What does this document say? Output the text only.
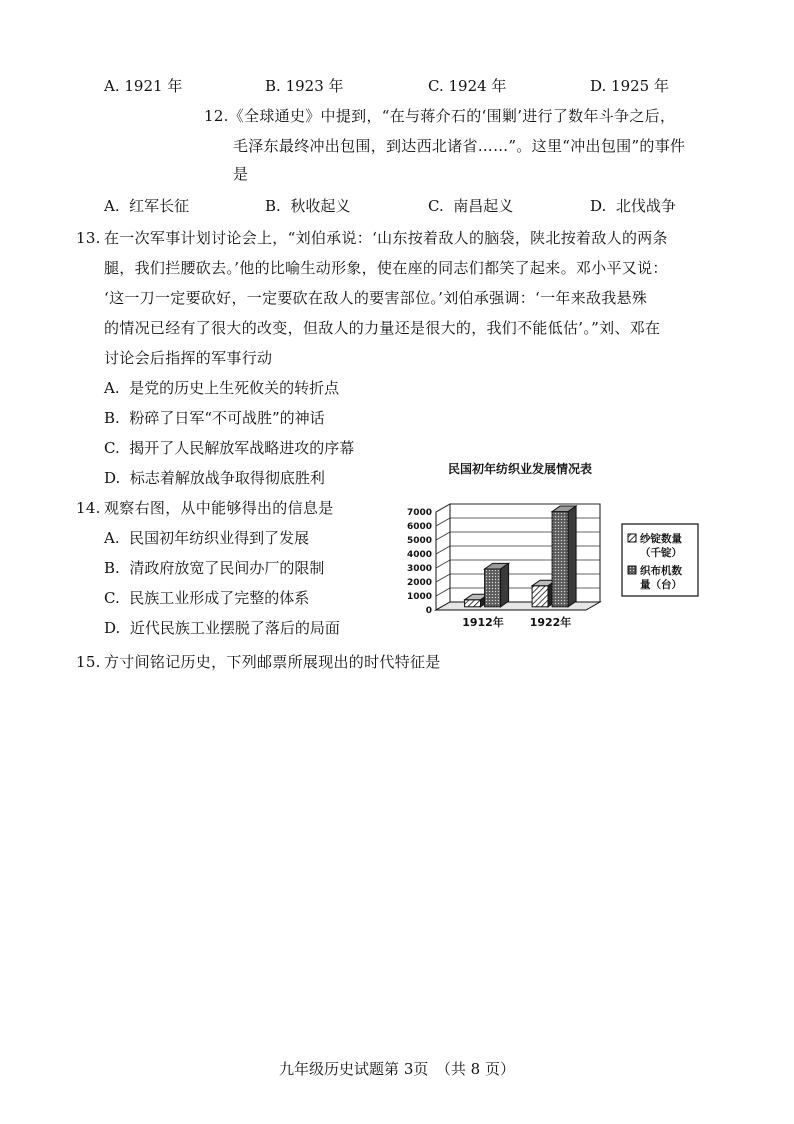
A. 1921 年	B. 1923 年	C. 1924 年	D. 1925 年
12.《全球通史》中提到，“在与蒋介石的‘围剿’进行了数年斗争之后，
毛泽东最终冲出包围，到达西北诸省……”。这里“冲出包围”的事件
是
A. 红军长征	B. 秋收起义	C. 南昌起义	D. 北伐战争
13. 在一次军事计划讨论会上，“刘伯承说：‘山东按着敌人的脑袋，陕北按着敌人的两条
腿，我们拦腰砍去。’他的比喻生动形象，使在座的同志们都笑了起来。邓小平又说：
‘这一刀一定要砍好，一定要砍在敌人的要害部位。’刘伯承强调：‘一年来敌我悬殊
的情况已经有了很大的改变，但敌人的力量还是很大的，我们不能低估’。”刘、邓在
讨论会后指挥的军事行动
A. 是党的历史上生死攸关的转折点
B. 粉碎了日军“不可战胜”的神话
C. 揭开了人民解放军战略进攻的序幕
D. 标志着解放战争取得彻底胜利
14. 观察右图，从中能够得出的信息是
A. 民国初年纺织业得到了发展
B. 清政府放宽了民间办厂的限制
C. 民族工业形成了完整的体系
D. 近代民族工业摆脱了落后的局面
民国初年纺织业发展情况表
0
1000
2000
3000
4000
5000
6000
7000
1912年 1922年
纱锭数量
（千锭）
织布机数
量（台）
15. 方寸间铭记历史，下列邮票所展现出的时代特征是
九年级历史试题第 3页　（共 8 页）
